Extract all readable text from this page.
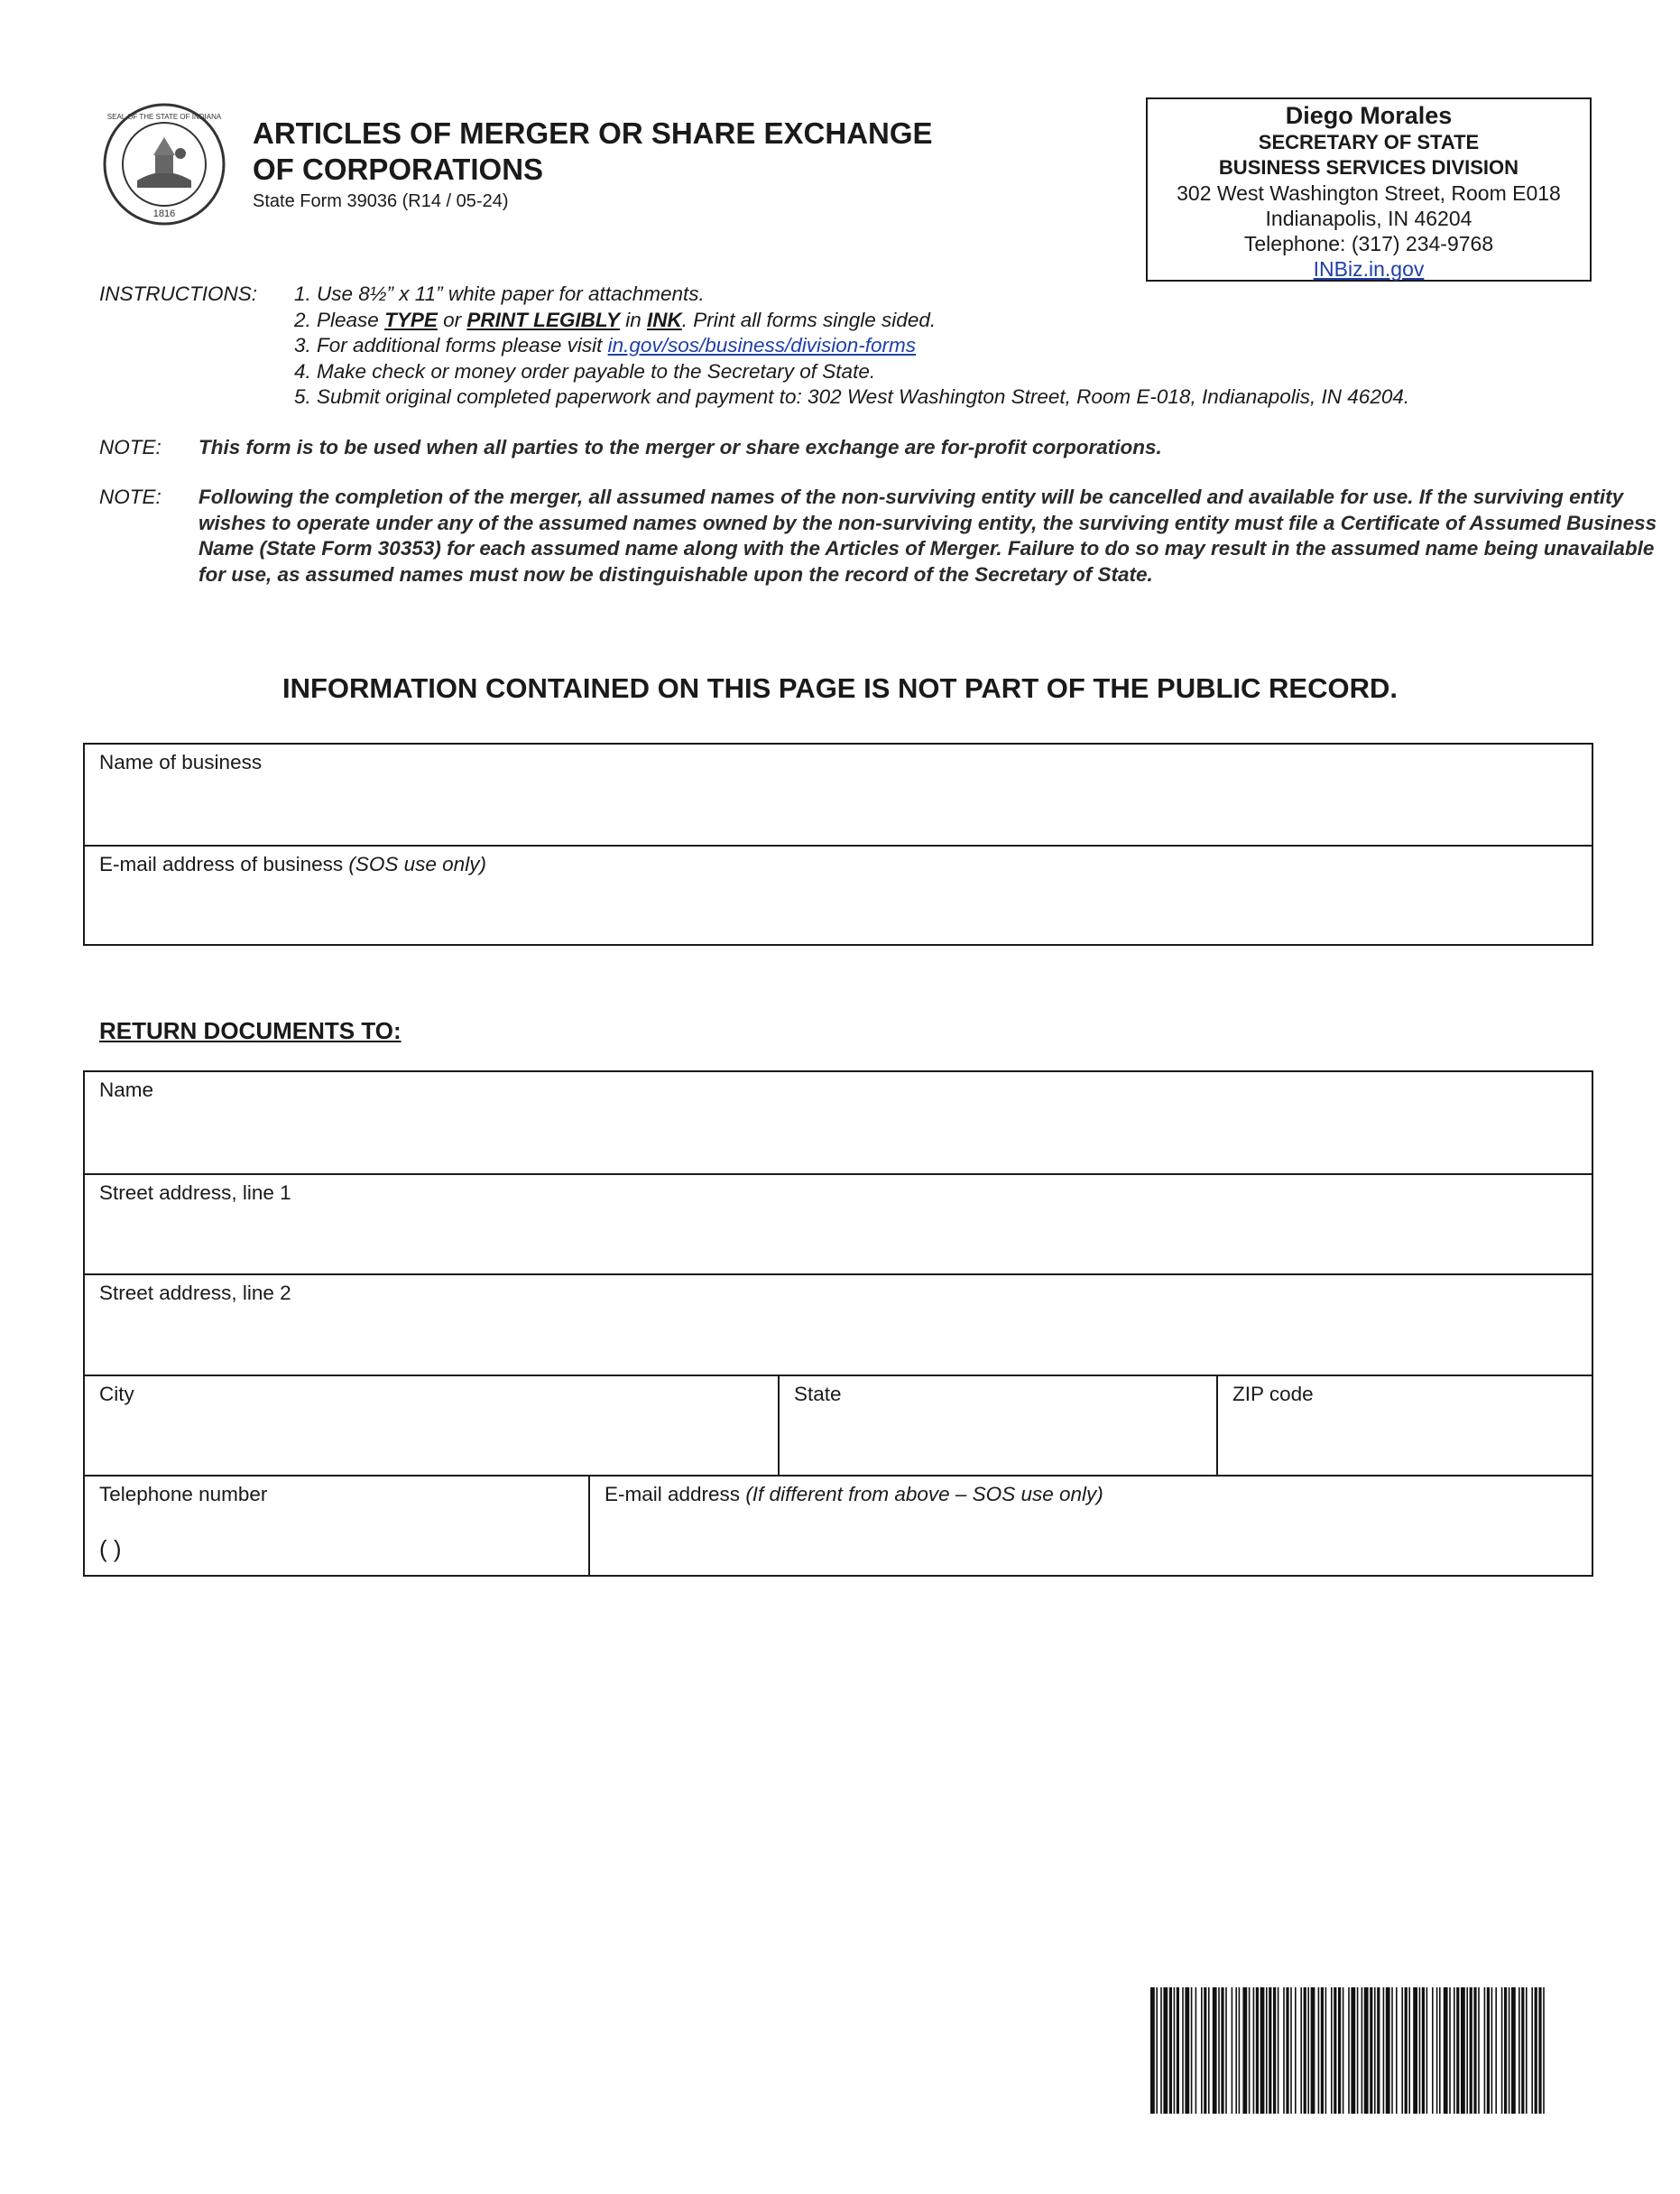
1816
SEAL OF THE STATE OF INDIANA ARTICLES OF MERGER OR SHARE EXCHANGE
OF CORPORATIONS
State Form 39036 (R14 / 05-24)
Diego Morales
SECRETARY OF STATE
BUSINESS SERVICES DIVISION
302 West Washington Street, Room E018
Indianapolis, IN 46204
Telephone: (317) 234-9768
INBiz.in.gov
INSTRUCTIONS: 1. Use 8½” x 11” white paper for attachments.
2. Please TYPE or PRINT LEGIBLY in INK. Print all forms single sided.
3. For additional forms please visit in.gov/sos/business/division-forms
4. Make check or money order payable to the Secretary of State.
5. Submit original completed paperwork and payment to: 302 West Washington Street, Room E-018, Indianapolis, IN 46204.
NOTE: This form is to be used when all parties to the merger or share exchange are for-profit corporations.
NOTE: Following the completion of the merger, all assumed names of the non-surviving entity will be cancelled and available for use. If the surviving entity wishes to operate under any of the assumed names owned by the non-surviving entity, the surviving entity must file a Certificate of Assumed Business Name (State Form 30353) for each assumed name along with the Articles of Merger. Failure to do so may result in the assumed name being unavailable for use, as assumed names must now be distinguishable upon the record of the Secretary of State.
INFORMATION CONTAINED ON THIS PAGE IS NOT PART OF THE PUBLIC RECORD.
Name of business
E-mail address of business (SOS use only)
RETURN DOCUMENTS TO:
Name
Street address, line 1
Street address, line 2
City	State	ZIP code
Telephone number
( )
E-mail address (If different from above – SOS use only)
